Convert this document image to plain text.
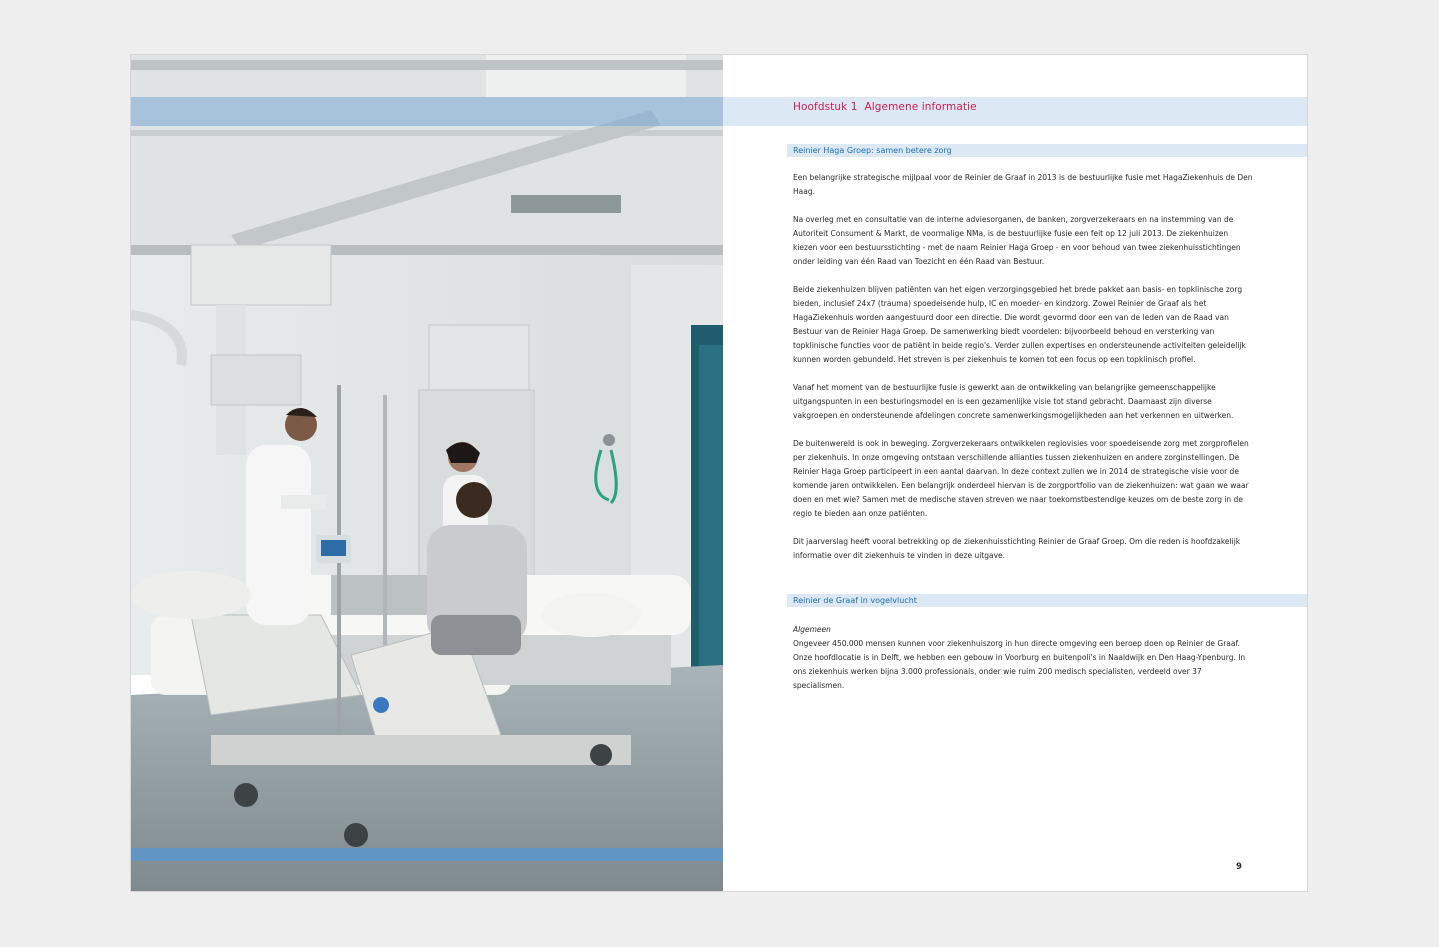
Hoofdstuk 1 Algemene informatie
Reinier Haga Groep: samen betere zorg

Een belangrijke strategische mijlpaal voor de Reinier de Graaf in 2013 is de bestuurlijke fusie met HagaZiekenhuis de Den Haag.

Na overleg met en consultatie van de interne adviesorganen, de banken, zorgverzekeraars en na instemming van de Autoriteit Consument & Markt, de voormalige NMa, is de bestuurlijke fusie een feit op 12 juli 2013. De ziekenhuizen kiezen voor een bestuursstichting - met de naam Reinier Haga Groep - en voor behoud van twee ziekenhuisstichtingen onder leiding van één Raad van Toezicht en één Raad van Bestuur.

Beide ziekenhuizen blijven patiënten van het eigen verzorgingsgebied het brede pakket aan basis- en topklinische zorg bieden, inclusief 24x7 (trauma) spoedeisende hulp, IC en moeder- en kindzorg. Zowel Reinier de Graaf als het HagaZiekenhuis worden aangestuurd door een directie. Die wordt gevormd door een van de leden van de Raad van Bestuur van de Reinier Haga Groep. De samenwerking biedt voordelen: bijvoorbeeld behoud en versterking van topklinische functies voor de patiënt in beide regio's. Verder zullen expertises en ondersteunende activiteiten geleidelijk kunnen worden gebundeld. Het streven is per ziekenhuis te komen tot een focus op een topklinisch profiel.

Vanaf het moment van de bestuurlijke fusie is gewerkt aan de ontwikkeling van belangrijke gemeenschappelijke uitgangspunten in een besturingsmodel en is een gezamenlijke visie tot stand gebracht. Daarnaast zijn diverse vakgroepen en ondersteunende afdelingen concrete samenwerkingsmogelijkheden aan het verkennen en uitwerken.

De buitenwereld is ook in beweging. Zorgverzekeraars ontwikkelen regiovisies voor spoedeisende zorg met zorgprofielen per ziekenhuis. In onze omgeving ontstaan verschillende allianties tussen ziekenhuizen en andere zorginstellingen. De Reinier Haga Groep participeert in een aantal daarvan. In deze context zullen we in 2014 de strategische visie voor de komende jaren ontwikkelen. Een belangrijk onderdeel hiervan is de zorgportfolio van de ziekenhuizen: wat gaan we waar doen en met wie? Samen met de medische staven streven we naar toekomstbestendige keuzes om de beste zorg in de regio te bieden aan onze patiënten.

Dit jaarverslag heeft vooral betrekking op de ziekenhuisstichting Reinier de Graaf Groep. Om die reden is hoofdzakelijk informatie over dit ziekenhuis te vinden in deze uitgave.

Reinier de Graaf in vogelvlucht

Algemeen

Ongeveer 450.000 mensen kunnen voor ziekenhuiszorg in hun directe omgeving een beroep doen op Reinier de Graaf. Onze hoofdlocatie is in Delft, we hebben een gebouw in Voorburg en buitenpoli's in Naaldwijk en Den Haag-Ypenburg. In ons ziekenhuis werken bijna 3.000 professionals, onder wie ruim 200 medisch specialisten, verdeeld over 37 specialismen.

9
